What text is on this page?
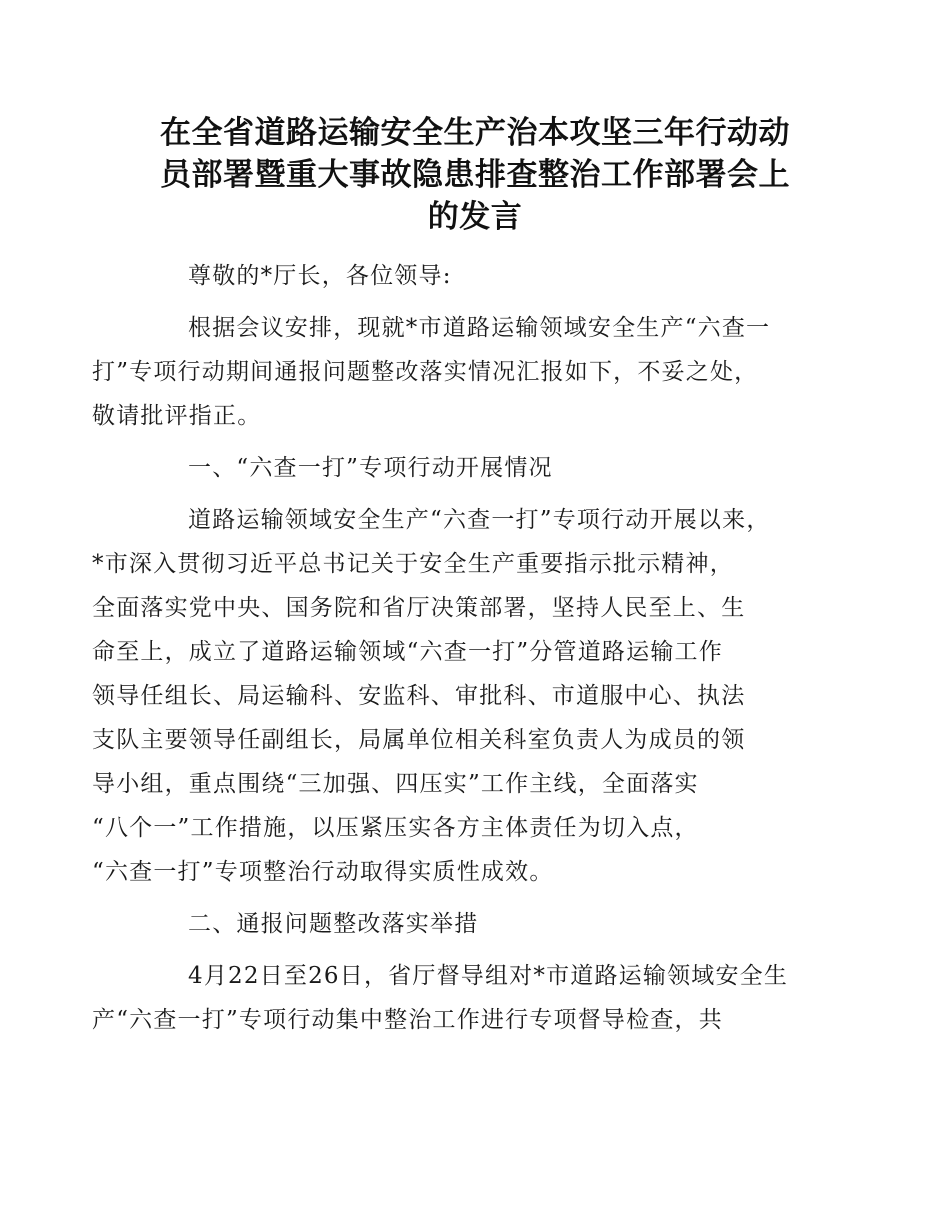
在全省道路运输安全生产治本攻坚三年行动动
员部署暨重大事故隐患排查整治工作部署会上
的发言

尊敬的*厅长，各位领导:

根据会议安排，现就*市道路运输领域安全生产“六查一
打”专项行动期间通报问题整改落实情况汇报如下，不妥之处，
敬请批评指正。

一、“六查一打”专项行动开展情况

道路运输领域安全生产“六查一打”专项行动开展以来，
*市深入贯彻习近平总书记关于安全生产重要指示批示精神，
全面落实党中央、国务院和省厅决策部署，坚持人民至上、生
命至上，成立了道路运输领域“六查一打”分管道路运输工作
领导任组长、局运输科、安监科、审批科、市道服中心、执法
支队主要领导任副组长，局属单位相关科室负责人为成员的领
导小组，重点围绕“三加强、四压实”工作主线，全面落实
“八个一”工作措施，以压紧压实各方主体责任为切入点，
“六查一打”专项整治行动取得实质性成效。

二、通报问题整改落实举措

4月22日至26日，省厅督导组对*市道路运输领域安全生
产“六查一打”专项行动集中整治工作进行专项督导检查，共
